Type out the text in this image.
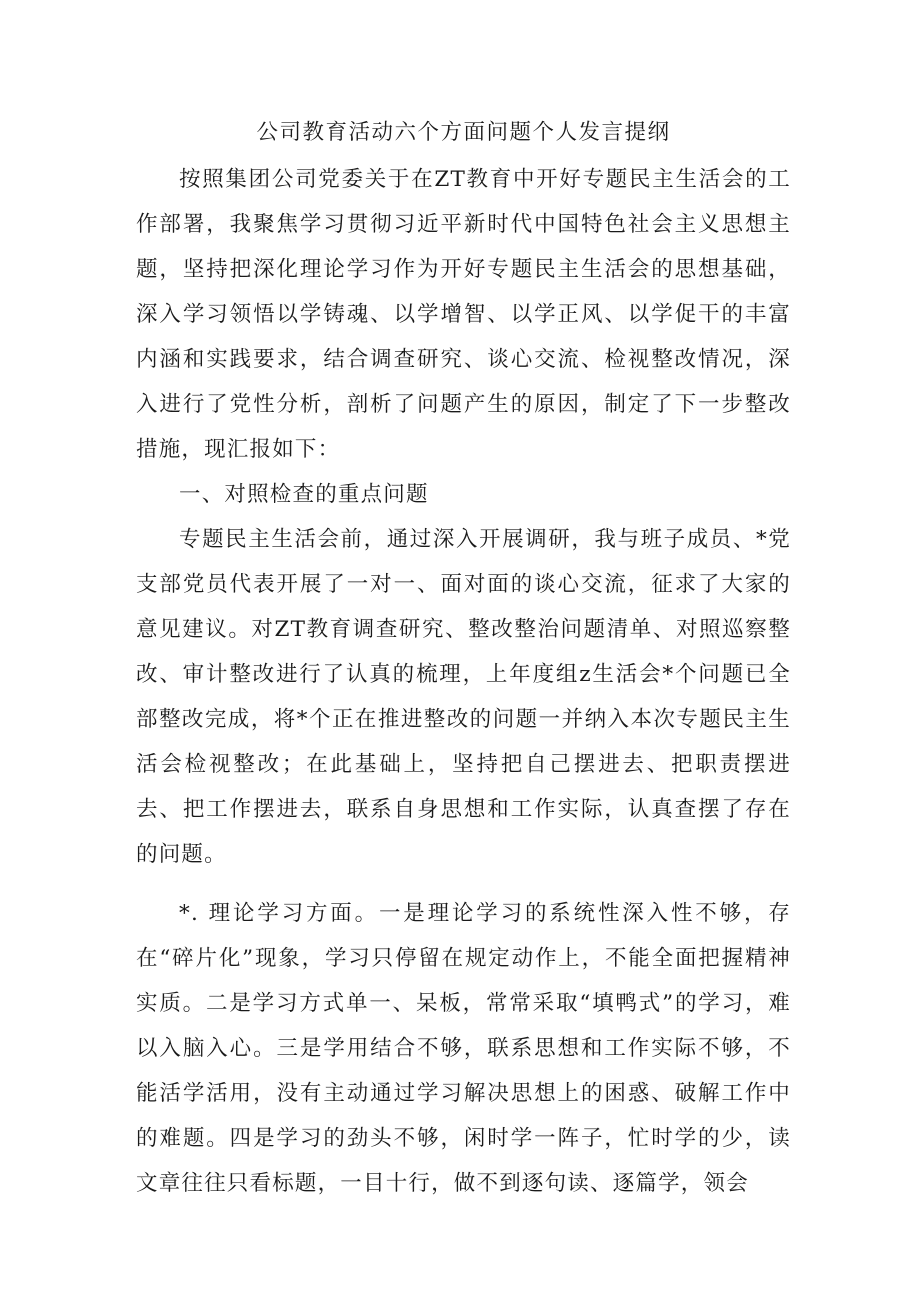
公司教育活动六个方面问题个人发言提纲

按照集团公司党委关于在ZT教育中开好专题民主生活会的工作部署，我聚焦学习贯彻习近平新时代中国特色社会主义思想主题，坚持把深化理论学习作为开好专题民主生活会的思想基础，深入学习领悟以学铸魂、以学增智、以学正风、以学促干的丰富内涵和实践要求，结合调查研究、谈心交流、检视整改情况，深入进行了党性分析，剖析了问题产生的原因，制定了下一步整改措施，现汇报如下：

一、对照检查的重点问题

专题民主生活会前，通过深入开展调研，我与班子成员、*党支部党员代表开展了一对一、面对面的谈心交流，征求了大家的意见建议。对ZT教育调查研究、整改整治问题清单、对照巡察整改、审计整改进行了认真的梳理，上年度组z生活会*个问题已全部整改完成，将*个正在推进整改的问题一并纳入本次专题民主生活会检视整改；在此基础上，坚持把自己摆进去、把职责摆进去、把工作摆进去，联系自身思想和工作实际，认真查摆了存在的问题。

*. 理论学习方面。一是理论学习的系统性深入性不够，存在“碎片化”现象，学习只停留在规定动作上，不能全面把握精神实质。二是学习方式单一、呆板，常常采取“填鸭式”的学习，难以入脑入心。三是学用结合不够，联系思想和工作实际不够，不能活学活用，没有主动通过学习解决思想上的困惑、破解工作中的难题。四是学习的劲头不够，闲时学一阵子，忙时学的少，读文章往往只看标题，一目十行，做不到逐句读、逐篇学，领会
